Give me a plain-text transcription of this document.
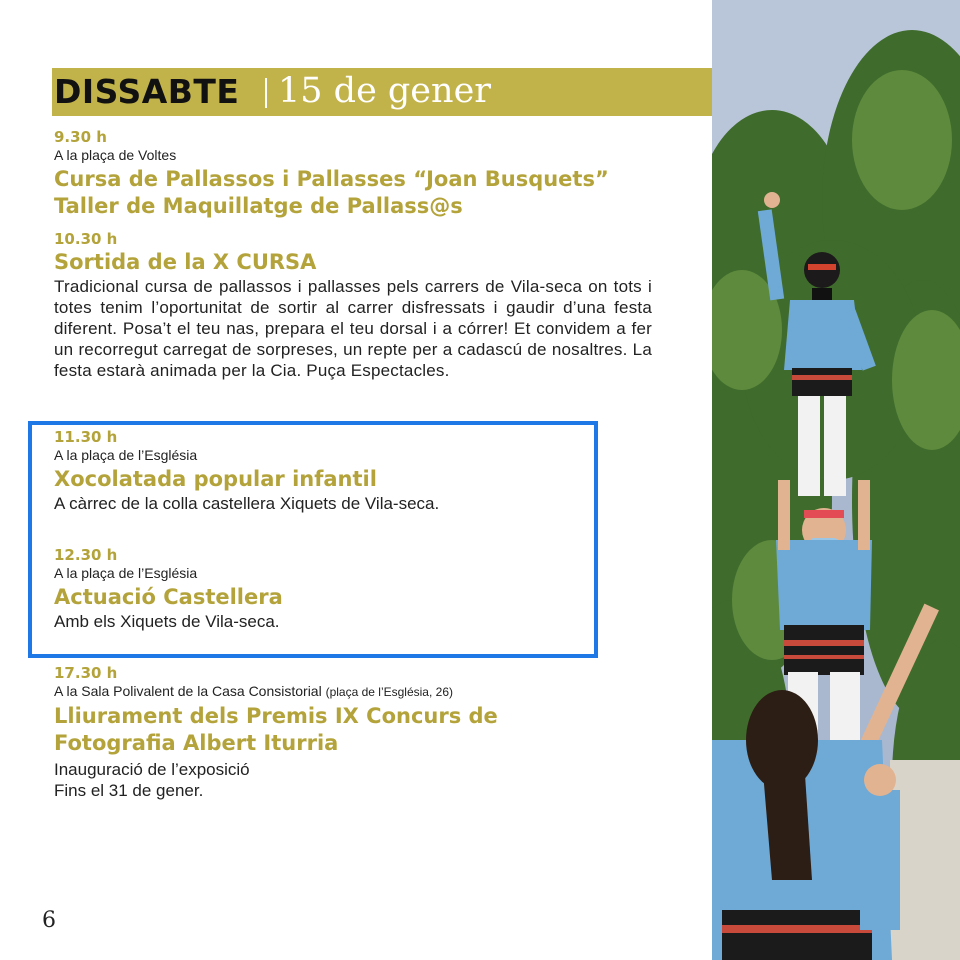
DISSABTE 15 de gener
9.30 h
A la plaça de Voltes
Cursa de Pallassos i Pallasses “Joan Busquets”
Taller de Maquillatge de Pallass@s
10.30 h
Sortida de la X CURSA
Tradicional cursa de pallassos i pallasses pels carrers de Vila-seca on tots i totes tenim l’oportunitat de sortir al carrer disfressats i gaudir d’una festa diferent. Posa’t el teu nas, prepara el teu dorsal i a córrer! Et convidem a fer un recorregut carregat de sorpreses, un repte per a cadascú de nosaltres. La festa estarà animada per la Cia. Puça Espectacles.
11.30 h
A la plaça de l’Església
Xocolatada popular infantil
A càrrec de la colla castellera Xiquets de Vila-seca.
12.30 h
A la plaça de l’Església
Actuació Castellera
Amb els Xiquets de Vila-seca.
17.30 h
A la Sala Polivalent de la Casa Consistorial (plaça de l’Església, 26)
Lliurament dels Premis IX Concurs de
Fotografia Albert Iturria
Inauguració de l’exposició
Fins el 31 de gener.
6
